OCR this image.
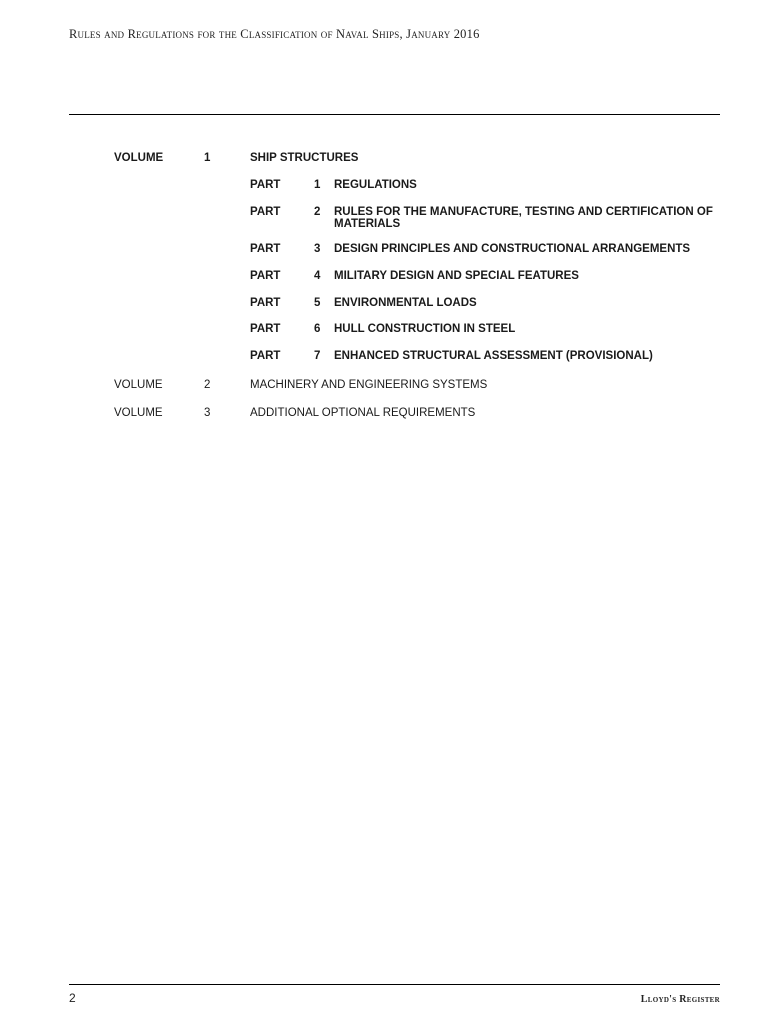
Rules and Regulations for the Classification of Naval Ships, January 2016
VOLUME	1	SHIP STRUCTURES
PART	1 REGULATIONS
PART	2 RULES FOR THE MANUFACTURE, TESTING AND CERTIFICATION OF MATERIALS
PART	3 DESIGN PRINCIPLES AND CONSTRUCTIONAL ARRANGEMENTS
PART	4 MILITARY DESIGN AND SPECIAL FEATURES
PART	5 ENVIRONMENTAL LOADS
PART	6 HULL CONSTRUCTION IN STEEL
PART	7 ENHANCED STRUCTURAL ASSESSMENT (PROVISIONAL)
VOLUME	2	MACHINERY AND ENGINEERING SYSTEMS
VOLUME	3	ADDITIONAL OPTIONAL REQUIREMENTS
2	Lloyd's Register
